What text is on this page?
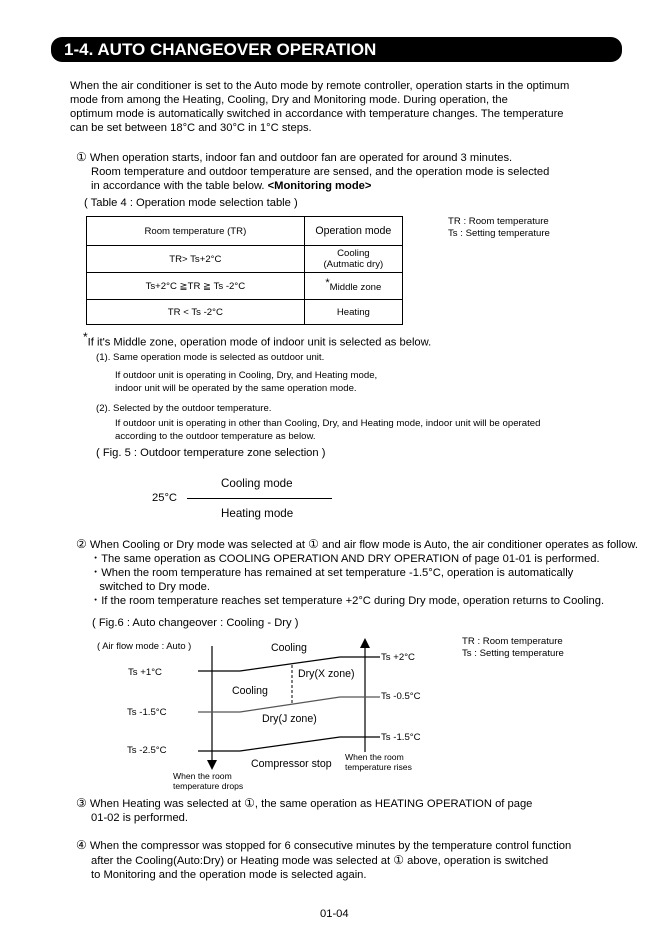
1-4. AUTO CHANGEOVER OPERATION
When the air conditioner is set to the Auto mode by remote controller, operation starts in the optimum
mode from among the Heating, Cooling, Dry and Monitoring mode. During operation, the
optimum mode is automatically switched in accordance with temperature changes. The temperature
can be set between 18°C and 30°C in 1°C steps.
① When operation starts, indoor fan and outdoor fan are operated for around 3 minutes.
Room temperature and outdoor temperature are sensed, and the operation mode is selected
in accordance with the table below. <Monitoring mode>
( Table 4 : Operation mode selection table )
Room temperature (TR)	Operation mode
TR> Ts+2°C	Cooling
(Autmatic dry)

Ts+2°C ≧TR ≧ Ts -2°C	*Middle zone
TR < Ts -2°C	Heating
TR : Room temperature
Ts : Setting temperature
*If it's Middle zone, operation mode of indoor unit is selected as below.
(1). Same operation mode is selected as outdoor unit.
If outdoor unit is operating in Cooling, Dry, and Heating mode,
indoor unit will be operated by the same operation mode.
(2). Selected by the outdoor temperature.
If outdoor unit is operating in other than Cooling, Dry, and Heating mode, indoor unit will be operated
according to the outdoor temperature as below.
( Fig. 5 : Outdoor temperature zone selection )
25°C
Cooling mode
Heating mode
② When Cooling or Dry mode was selected at ① and air flow mode is Auto, the air conditioner operates as follow.
・The same operation as COOLING OPERATION AND DRY OPERATION of page 01-01 is performed.
・When the room temperature has remained at set temperature -1.5°C, operation is automatically
switched to Dry mode.
・If the room temperature reaches set temperature +2°C during Dry mode, operation returns to Cooling.
( Fig.6 : Auto changeover : Cooling - Dry )
TR : Room temperature
Ts : Setting temperature
( Air flow mode : Auto )
Ts +1°C
Ts -1.5°C
Ts -2.5°C
Ts +2°C
Ts -0.5°C
Ts -1.5°C
Cooling
Dry(X zone)
Cooling
Dry(J zone)
Compressor stop
When the room
temperature drops
When the room
temperature rises
③ When Heating was selected at ①, the same operation as HEATING OPERATION of page
01-02 is performed.
④ When the compressor was stopped for 6 consecutive minutes by the temperature control function
after the Cooling(Auto:Dry) or Heating mode was selected at ① above, operation is switched
to Monitoring and the operation mode is selected again.
01-04
